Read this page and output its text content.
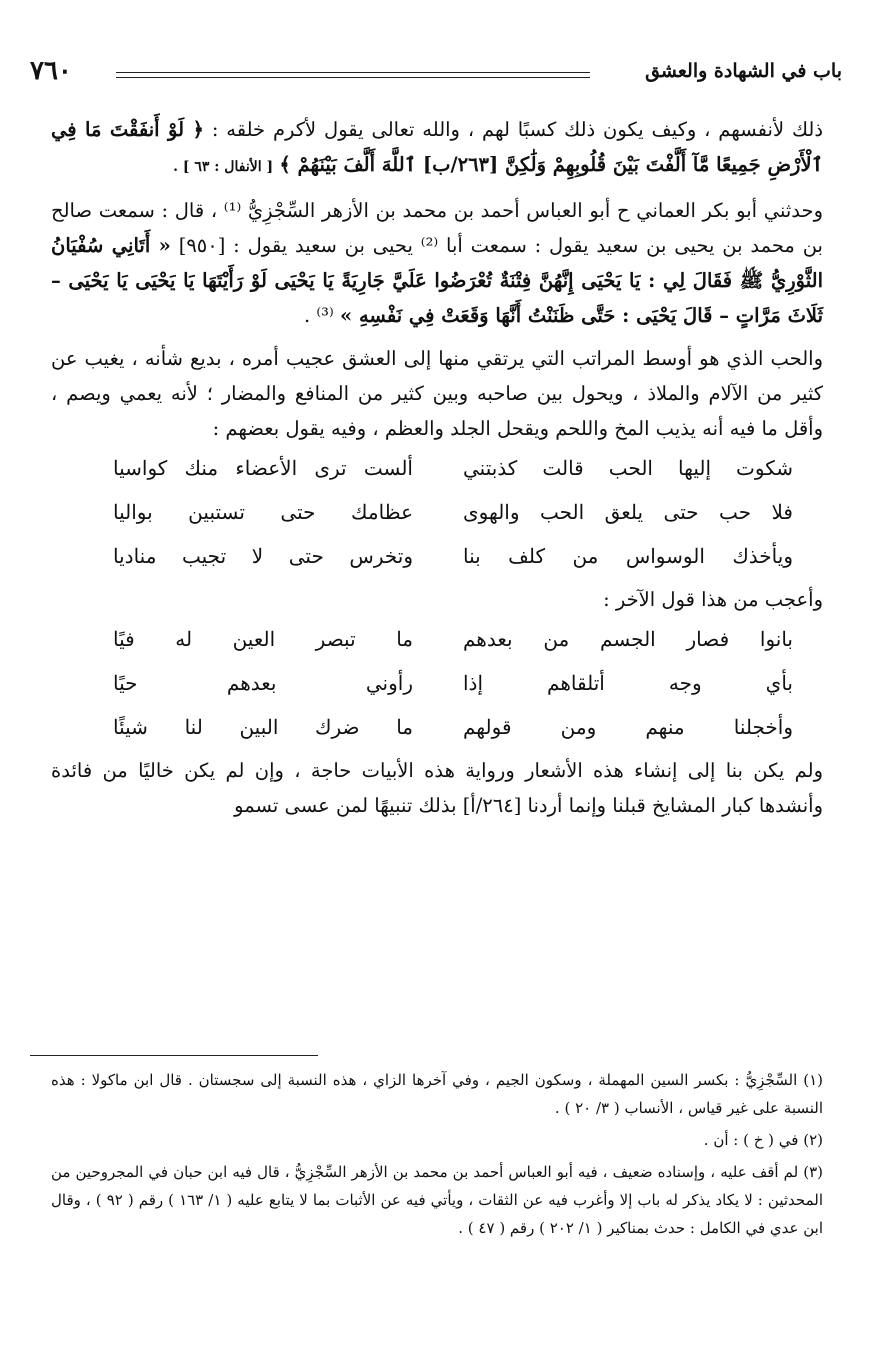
٧٦٠	باب في الشهادة والعشق

ذلك لأنفسهم ، وكيف يكون ذلك كسبًا لهم ، والله تعالى يقول لأكرم خلقه : ﴿ لَوْ أَنفَقْتَ مَا فِي ٱلْأَرْضِ جَمِيعًا مَّآ أَلَّفْتَ بَيْنَ قُلُوبِهِمْ وَلَٰكِنَّ [٢٦٣/ب] ٱللَّهَ أَلَّفَ بَيْنَهُمْ ﴾ [ الأنفال : ٦٣ ] .

وحدثني أبو بكر العماني ح أبو العباس أحمد بن محمد بن الأزهر السِّجْزِيُّ ⁽¹⁾ ، قال : سمعت صالح بن محمد بن يحيى بن سعيد يقول : سمعت أبا ⁽²⁾ يحيى بن سعيد يقول : [٩٥٠] « أَتَانِي سُفْيَانُ الثَّوْرِيُّ ﷺ فَقَالَ لِي : يَا يَحْيَى إِنَّهُنَّ فِتْنَةٌ تُعْرَضُوا عَلَيَّ جَارِيَةً يَا يَحْيَى لَوْ رَأَيْتَهَا يَا يَحْيَى يَا يَحْيَى – ثَلَاثَ مَرَّاتٍ – قَالَ يَحْيَى : حَتَّى ظَنَنْتُ أَنَّهَا وَقَعَتْ فِي نَفْسِهِ » ⁽³⁾ .

والحب الذي هو أوسط المراتب التي يرتقي منها إلى العشق عجيب أمره ، بديع شأنه ، يغيب عن كثير من الآلام والملاذ ، ويحول بين صاحبه وبين كثير من المنافع والمضار ؛ لأنه يعمي ويصم ، وأقل ما فيه أنه يذيب المخ واللحم ويقحل الجلد والعظم ، وفيه يقول بعضهم :

شكوت إليها الحب قالت كذبتني
ألست ترى الأعضاء منك كواسيا
فلا حب حتى يلعق الحب والهوى
عظامك حتى تستبين بواليا
ويأخذك الوسواس من كلف بنا
وتخرس حتى لا تجيب مناديا

وأعجب من هذا قول الآخر :

بانوا فصار الجسم من بعدهم
ما تبصر العين له فيًا
بأي وجه أتلقاهم إذا
رأوني بعدهم حيًا
وأخجلنا منهم ومن قولهم
ما ضرك البين لنا شيئًا

ولم يكن بنا إلى إنشاء هذه الأشعار ورواية هذه الأبيات حاجة ، وإن لم يكن خاليًا من فائدة وأنشدها كبار المشايخ قبلنا وإنما أردنا [٢٦٤/أ] بذلك تنبيهًا لمن عسى تسمو

(١) السِّجْزِيُّ : بكسر السين المهملة ، وسكون الجيم ، وفي آخرها الزاي ، هذه النسبة إلى سجستان . قال ابن ماكولا : هذه النسبة على غير قياس ، الأنساب ( ٣/ ٢٠ ) .

(٢) في ( خ ) : أن .

(٣) لم أقف عليه ، وإسناده ضعيف ، فيه أبو العباس أحمد بن محمد بن الأزهر السِّجْزِيُّ ، قال فيه ابن حبان في المجروحين من المحدثين : لا يكاد يذكر له باب إلا وأغرب فيه عن الثقات ، ويأتي فيه عن الأثبات بما لا يتابع عليه ( ١/ ١٦٣ ) رقم ( ٩٢ ) ، وقال ابن عدي في الكامل : حدث بمناكير ( ١/ ٢٠٢ ) رقم ( ٤٧ ) .
